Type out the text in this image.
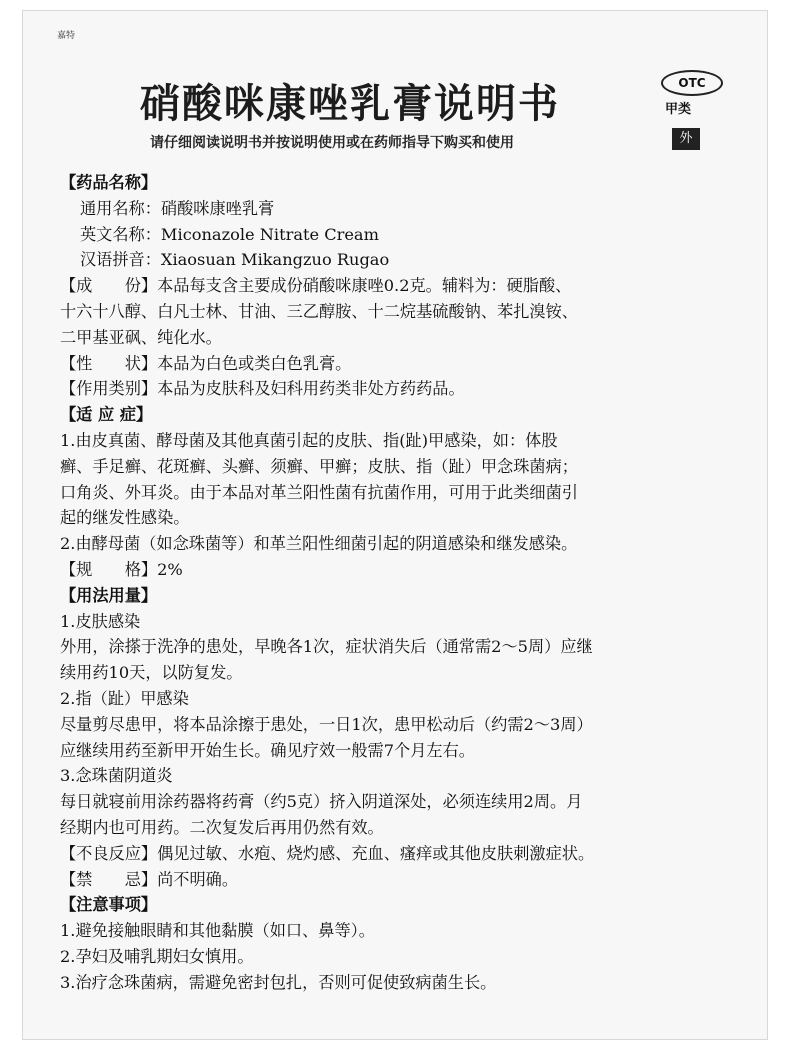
嘉特
硝酸咪康唑乳膏说明书	OTC
甲类
外
请仔细阅读说明书并按说明使用或在药师指导下购买和使用
【药品名称】
通用名称：硝酸咪康唑乳膏
英文名称：Miconazole Nitrate Cream
汉语拼音：Xiaosuan Mikangzuo Rugao
【成　　份】本品每支含主要成份硝酸咪康唑0.2克。辅料为：硬脂酸、
十六十八醇、白凡士林、甘油、三乙醇胺、十二烷基硫酸钠、苯扎溴铵、
二甲基亚砜、纯化水。
【性　　状】本品为白色或类白色乳膏。
【作用类别】本品为皮肤科及妇科用药类非处方药药品。
【适 应 症】
1.由皮真菌、酵母菌及其他真菌引起的皮肤、指(趾)甲感染，如：体股
癣、手足癣、花斑癣、头癣、须癣、甲癣；皮肤、指（趾）甲念珠菌病；
口角炎、外耳炎。由于本品对革兰阳性菌有抗菌作用，可用于此类细菌引
起的继发性感染。
2.由酵母菌（如念珠菌等）和革兰阳性细菌引起的阴道感染和继发感染。
【规　　格】2%
【用法用量】
1.皮肤感染
外用，涂搽于洗净的患处，早晚各1次，症状消失后（通常需2～5周）应继
续用药10天，以防复发。
2.指（趾）甲感染
尽量剪尽患甲，将本品涂擦于患处，一日1次，患甲松动后（约需2～3周）
应继续用药至新甲开始生长。确见疗效一般需7个月左右。
3.念珠菌阴道炎
每日就寝前用涂药器将药膏（约5克）挤入阴道深处，必须连续用2周。月
经期内也可用药。二次复发后再用仍然有效。
【不良反应】偶见过敏、水疱、烧灼感、充血、瘙痒或其他皮肤刺激症状。
【禁　　忌】尚不明确。
【注意事项】
1.避免接触眼睛和其他黏膜（如口、鼻等）。
2.孕妇及哺乳期妇女慎用。
3.治疗念珠菌病，需避免密封包扎，否则可促使致病菌生长。
